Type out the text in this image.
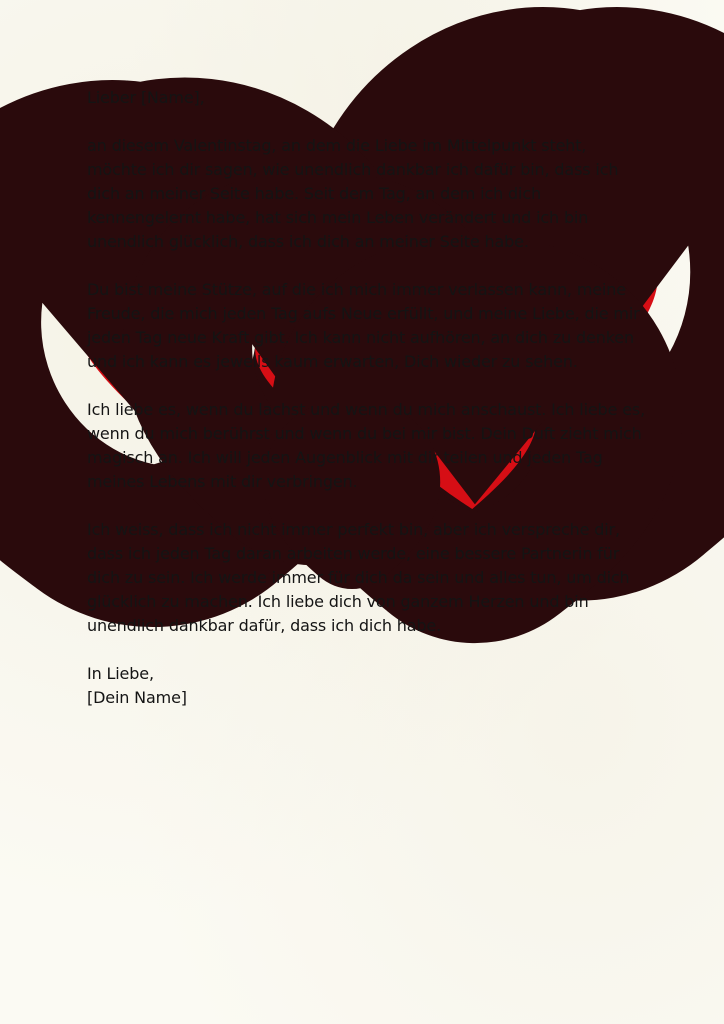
Lieber [Name],

an diesem Valentinstag, an dem die Liebe im Mittelpunkt steht, möchte ich dir sagen, wie unendlich dankbar ich dafür bin, dass ich dich an meiner Seite habe. Seit dem Tag, an dem ich dich kennengelernt habe, hat sich mein Leben verändert und ich bin unendlich glücklich, dass ich dich an meiner Seite habe.

Du bist meine Stütze, auf die ich mich immer verlassen kann, meine Freude, die mich jeden Tag aufs Neue erfüllt, und meine Liebe, die mir jeden Tag neue Kraft gibt. Ich kann nicht aufhören, an dich zu denken und ich kann es jeweils kaum erwarten, Dich wieder zu sehen.

Ich liebe es, wenn du lachst und wenn du mich anschaust. Ich liebe es, wenn du mich berührst und wenn du bei mir bist. Dein Duft zieht mich magisch an. Ich will jeden Augenblick mit dir teilen und jeden Tag meines Lebens mit dir verbringen.

Ich weiss, dass ich nicht immer perfekt bin, aber ich verspreche dir, dass ich jeden Tag daran arbeiten werde, eine bessere Partnerin für dich zu sein. Ich werde immer für dich da sein und alles tun, um dich glücklich zu machen. Ich liebe dich von ganzem Herzen und bin unendlich dankbar dafür, dass ich dich habe.

In Liebe,

[Dein Name]
